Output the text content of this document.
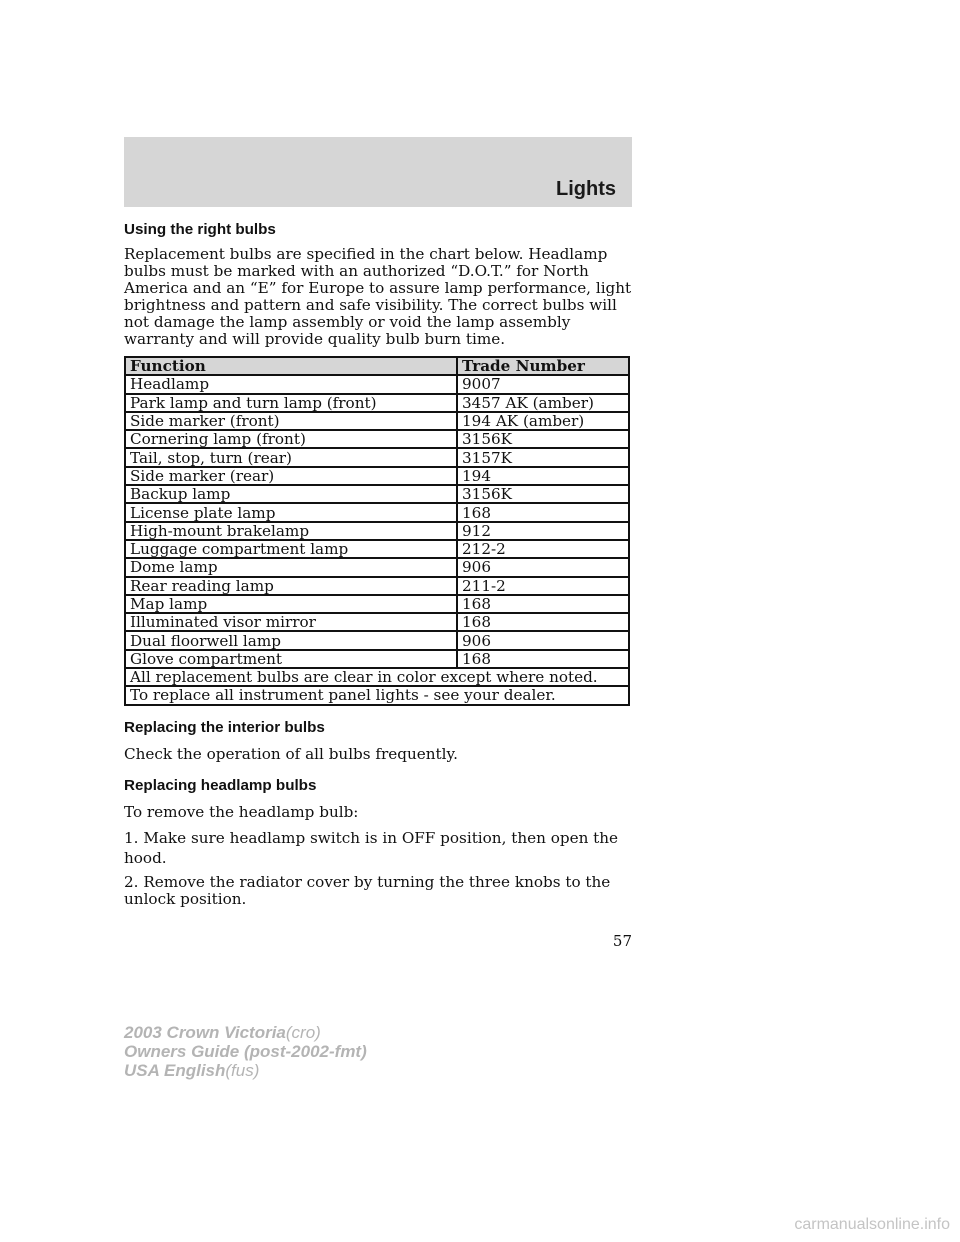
Lights
Using the right bulbs

Replacement bulbs are specified in the chart below. Headlamp bulbs must be marked with an authorized “D.O.T.” for North America and an “E” for Europe to assure lamp performance, light brightness and pattern and safe visibility. The correct bulbs will not damage the lamp assembly or void the lamp assembly warranty and will provide quality bulb burn time.

Function	Trade Number
Headlamp	9007
Park lamp and turn lamp (front)	3457 AK (amber)
Side marker (front)	194 AK (amber)
Cornering lamp (front)	3156K
Tail, stop, turn (rear)	3157K
Side marker (rear)	194
Backup lamp	3156K
License plate lamp	168
High-mount brakelamp	912
Luggage compartment lamp	212-2
Dome lamp	906
Rear reading lamp	211-2
Map lamp	168
Illuminated visor mirror	168
Dual floorwell lamp	906
Glove compartment	168
All replacement bulbs are clear in color except where noted.	
To replace all instrument panel lights - see your dealer.	
Replacing the interior bulbs

Check the operation of all bulbs frequently.

Replacing headlamp bulbs

To remove the headlamp bulb:

1. Make sure headlamp switch is in OFF position, then open the hood.

2. Remove the radiator cover by turning the three knobs to the unlock position.

57
2003 Crown Victoria(cro)
Owners Guide (post-2002-fmt)
USA English(fus)
carmanualsonline.info
